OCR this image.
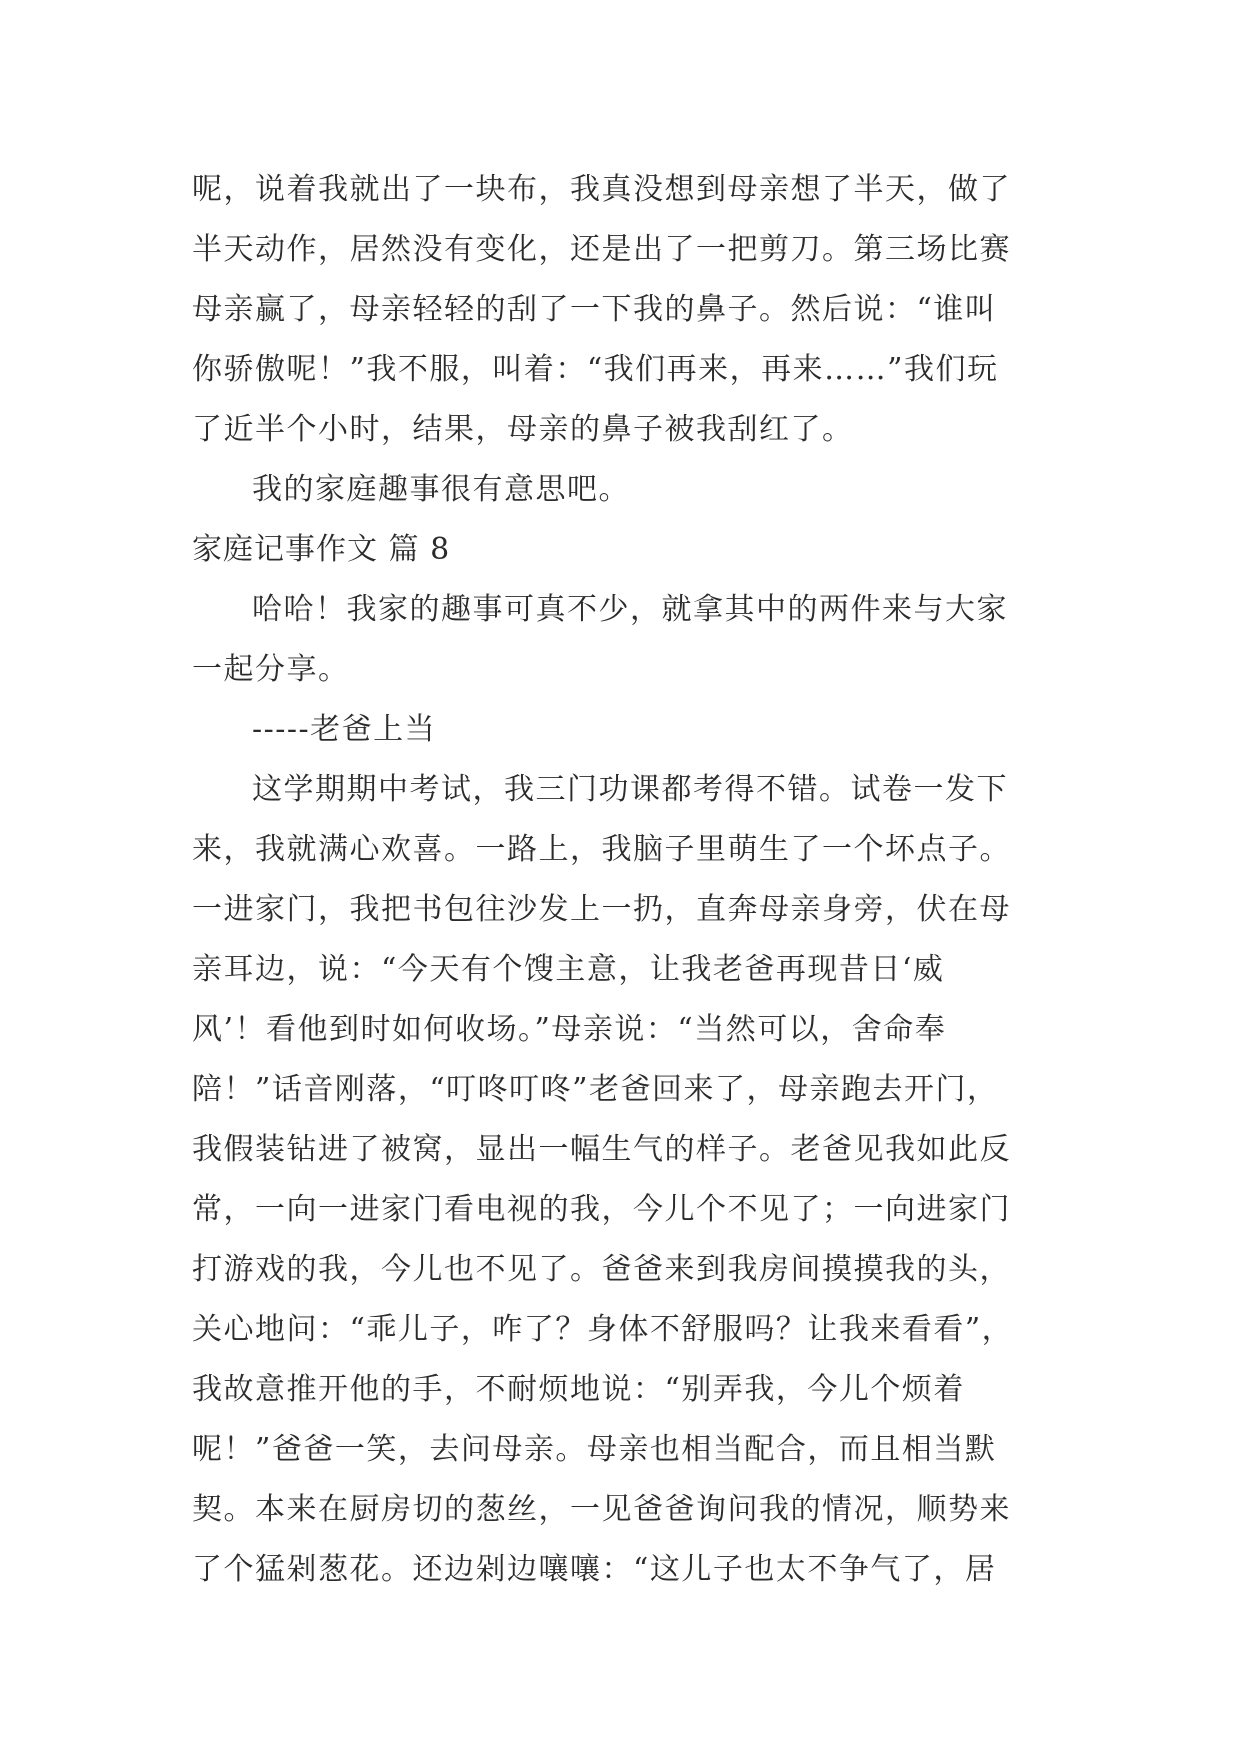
呢，说着我就出了一块布，我真没想到母亲想了半天，做了
半天动作，居然没有变化，还是出了一把剪刀。第三场比赛
母亲赢了，母亲轻轻的刮了一下我的鼻子。然后说：“谁叫
你骄傲呢！”我不服，叫着：“我们再来，再来……”我们玩
了近半个小时，结果，母亲的鼻子被我刮红了。
我的家庭趣事很有意思吧。
家庭记事作文 篇 8
哈哈！我家的趣事可真不少，就拿其中的两件来与大家
一起分享。
-----老爸上当
这学期期中考试，我三门功课都考得不错。试卷一发下
来，我就满心欢喜。一路上，我脑子里萌生了一个坏点子。
一进家门，我把书包往沙发上一扔，直奔母亲身旁，伏在母
亲耳边，说：“今天有个馊主意，让我老爸再现昔日‘威
风’！看他到时如何收场。”母亲说：“当然可以，舍命奉
陪！”话音刚落，“叮咚叮咚”老爸回来了，母亲跑去开门，
我假装钻进了被窝，显出一幅生气的样子。老爸见我如此反
常，一向一进家门看电视的我，今儿个不见了；一向进家门
打游戏的我，今儿也不见了。爸爸来到我房间摸摸我的头，
关心地问：“乖儿子，咋了？身体不舒服吗？让我来看看”，
我故意推开他的手，不耐烦地说：“别弄我，今儿个烦着
呢！”爸爸一笑，去问母亲。母亲也相当配合，而且相当默
契。本来在厨房切的葱丝，一见爸爸询问我的情况，顺势来
了个猛剁葱花。还边剁边嚷嚷：“这儿子也太不争气了，居
